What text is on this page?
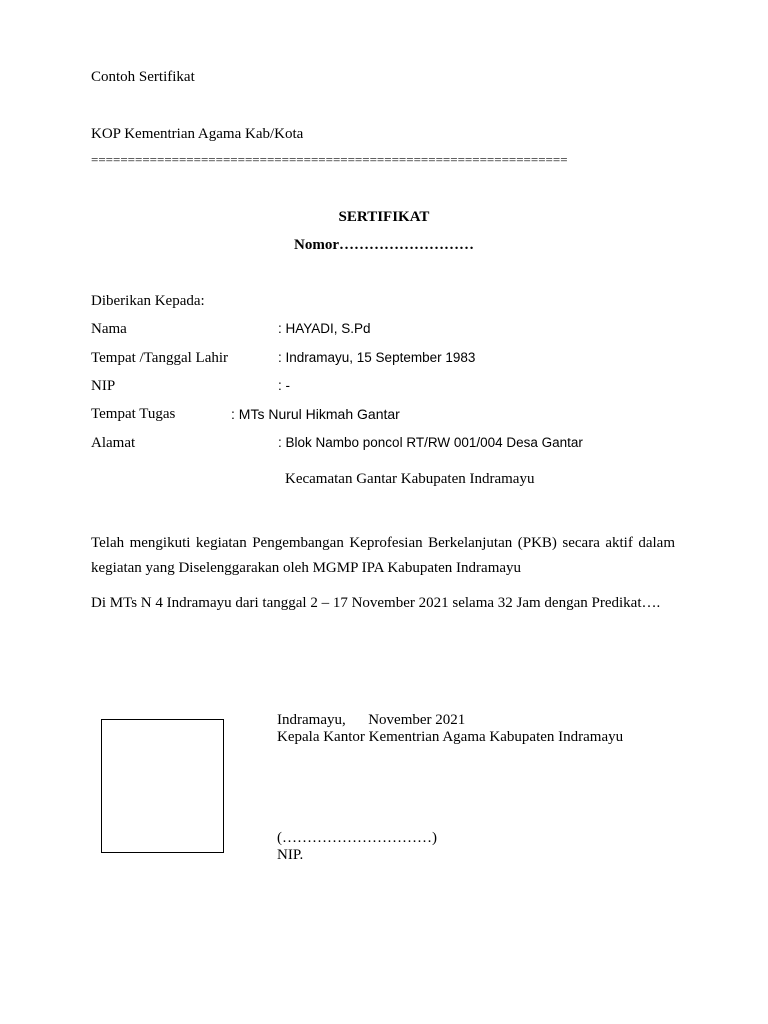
Contoh Sertifikat
KOP Kementrian Agama Kab/Kota
=================================================================
SERTIFIKAT
Nomor………………………
Diberikan Kepada:
Nama	: HAYADI, S.Pd
Tempat /Tanggal Lahir	: Indramayu, 15 September 1983
NIP	: -
Tempat Tugas	: MTs Nurul Hikmah Gantar
Alamat	: Blok Nambo poncol RT/RW 001/004 Desa Gantar
Kecamatan Gantar Kabupaten Indramayu
Telah mengikuti kegiatan Pengembangan Keprofesian Berkelanjutan (PKB) secara aktif dalam kegiatan yang Diselenggarakan oleh MGMP IPA Kabupaten Indramayu
Di MTs N 4 Indramayu dari tanggal 2 – 17 November 2021 selama 32 Jam dengan Predikat….
Indramayu,      November 2021
Kepala Kantor Kementrian Agama Kabupaten Indramayu
(…………………………)
NIP.
